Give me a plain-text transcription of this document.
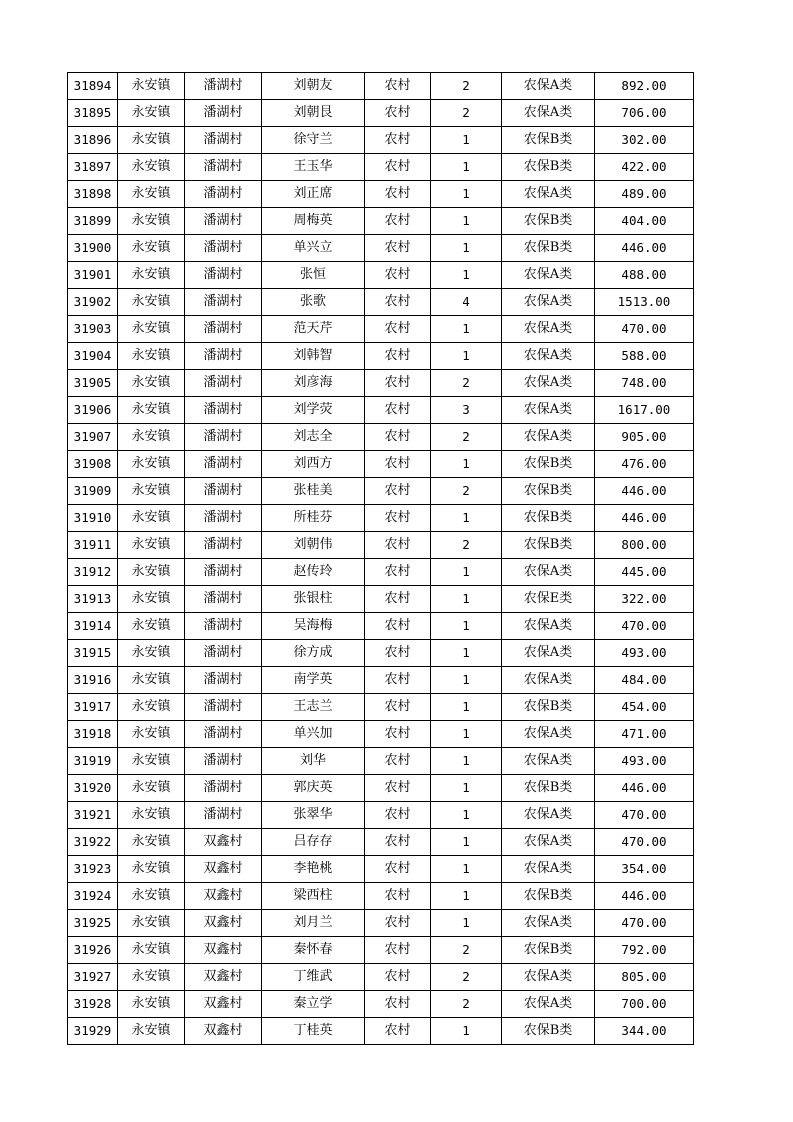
31894	永安镇	潘湖村	刘朝友	农村	2	农保A类	892.00
31895	永安镇	潘湖村	刘朝艮	农村	2	农保A类	706.00
31896	永安镇	潘湖村	徐守兰	农村	1	农保B类	302.00
31897	永安镇	潘湖村	王玉华	农村	1	农保B类	422.00
31898	永安镇	潘湖村	刘正席	农村	1	农保A类	489.00
31899	永安镇	潘湖村	周梅英	农村	1	农保B类	404.00
31900	永安镇	潘湖村	单兴立	农村	1	农保B类	446.00
31901	永安镇	潘湖村	张恒	农村	1	农保A类	488.00
31902	永安镇	潘湖村	张歌	农村	4	农保A类	1513.00
31903	永安镇	潘湖村	范天芹	农村	1	农保A类	470.00
31904	永安镇	潘湖村	刘韩智	农村	1	农保A类	588.00
31905	永安镇	潘湖村	刘彦海	农村	2	农保A类	748.00
31906	永安镇	潘湖村	刘学荧	农村	3	农保A类	1617.00
31907	永安镇	潘湖村	刘志全	农村	2	农保A类	905.00
31908	永安镇	潘湖村	刘西方	农村	1	农保B类	476.00
31909	永安镇	潘湖村	张桂美	农村	2	农保B类	446.00
31910	永安镇	潘湖村	所桂芬	农村	1	农保B类	446.00
31911	永安镇	潘湖村	刘朝伟	农村	2	农保B类	800.00
31912	永安镇	潘湖村	赵传玲	农村	1	农保A类	445.00
31913	永安镇	潘湖村	张银柱	农村	1	农保E类	322.00
31914	永安镇	潘湖村	吴海梅	农村	1	农保A类	470.00
31915	永安镇	潘湖村	徐方成	农村	1	农保A类	493.00
31916	永安镇	潘湖村	南学英	农村	1	农保A类	484.00
31917	永安镇	潘湖村	王志兰	农村	1	农保B类	454.00
31918	永安镇	潘湖村	单兴加	农村	1	农保A类	471.00
31919	永安镇	潘湖村	刘华	农村	1	农保A类	493.00
31920	永安镇	潘湖村	郭庆英	农村	1	农保B类	446.00
31921	永安镇	潘湖村	张翠华	农村	1	农保A类	470.00
31922	永安镇	双鑫村	吕存存	农村	1	农保A类	470.00
31923	永安镇	双鑫村	李艳桃	农村	1	农保A类	354.00
31924	永安镇	双鑫村	梁西柱	农村	1	农保B类	446.00
31925	永安镇	双鑫村	刘月兰	农村	1	农保A类	470.00
31926	永安镇	双鑫村	秦怀春	农村	2	农保B类	792.00
31927	永安镇	双鑫村	丁维武	农村	2	农保A类	805.00
31928	永安镇	双鑫村	秦立学	农村	2	农保A类	700.00
31929	永安镇	双鑫村	丁桂英	农村	1	农保B类	344.00
